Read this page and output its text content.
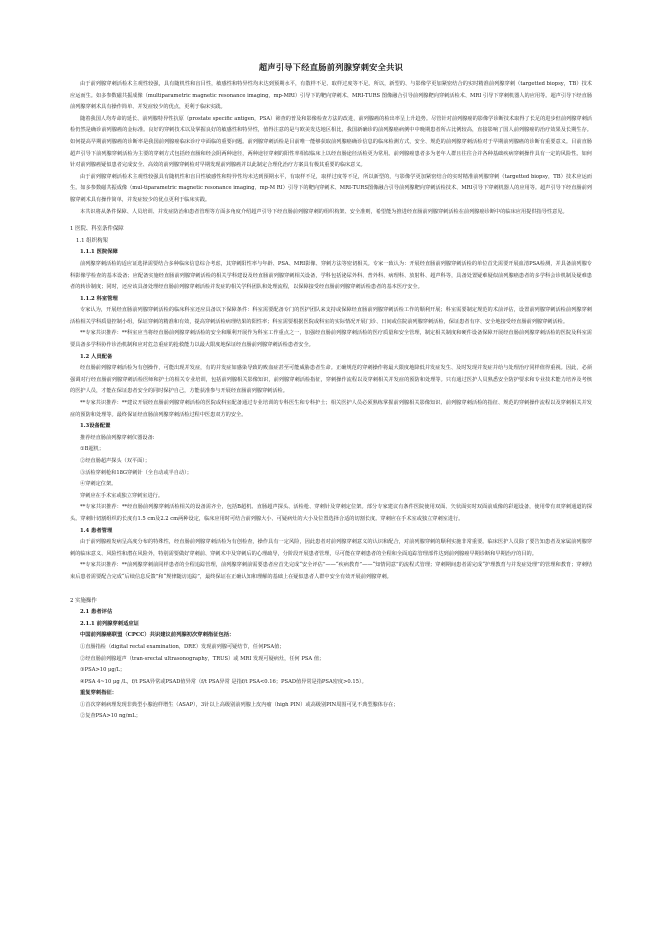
超声引导下经直肠前列腺穿刺安全共识

由于前列腺穿刺活检术主观性较强，具有随机性和盲目性，敏感性和特异性均未达到预期水平，有散样不足、取样过度等不足。所以，新型的、与影像学更加紧密结合的实时精准前列腺穿刺（targetted biopsy，TB）技术应运而生。如多参数磁共振成像（multiparametric magnetic resonance imaging，mp-MRI）引导下的靶向穿刺术、MRI-TURS 图像融合引导前列腺靶向穿刺活检术、MRI 引导下穿刺机器人的应用等。超声引导下经直肠前列腺穿刺术具有操作简单、并发症较少的优点，更利于临床实践。

随着我国人均寿命的延长、前列腺特异性抗原（prostate specific antigen，PSA）筛查的普及和影像检查方法的改进，前列腺癌的检出率呈上升趋势。尽管针对前列腺癌的影像学诊断技术取得了长足的进步但前列腺穿刺活检仍然是确诊前列腺癌的金标准。良好的穿刺技术以及掌握良好的敏感性和特异性，值得注意的是与欧美发达地区相比，我国新确诊的前列腺癌病例中中晚期患者所占比例较高，直接影响了国人前列腺癌的治疗效果及长期生存。如何提高早期前列腺癌的诊断率是我国前列腺癌临床诊疗中面临的重要问题。前列腺穿刺活检是目前唯一能够获取前列腺癌确诊信息的临床检测方式，安全、规范的前列腺穿刺活检对于早期前列腺癌的诊断有重要意义。目前直肠超声引导下前列腺穿刺活检为主要的穿刺方式包括经直肠和经会阴两种途径，两种途径穿刺的阳性率相似临床上以经直肠途径活检更为常用。前列腺癌患者多为老年人群且往往合并各种基础疾病穿刺操作具有一定的风险性。如何针对前列腺癌疑似患者完成安全、高效的前列腺穿刺检对早期发现前列腺癌并以此制定合理化治疗方案具有极其重要的临床意义。

由于前列腺穿刺活检术主观性较强具有随机性和盲目性敏感性和特异性均未达到预期水平，有取样不足，取样过度等不足，所以新型的，与影像学更加紧密结合的实时精准前列腺穿刺（targetted biopsy，TB）技术应运而生。如多参数磁共振成像（mul-tiparametric magnetic resonance imaging，mp-M RI）引导下的靶向穿刺术、MRI-TURS图像融合引导前列腺靶向穿刺活检技术、MRI引导下穿刺机器人的应用等。超声引导下经直肠前列腺穿刺术具有操作简单，并发症较少的优点更利于临床实践。

本共识将从条件保障、人员培训、并发症防治和患者管理等方面多角度介绍超声引导下经直肠前列腺穿刺的组织构架、安全准则，希望能为推进经直肠前列腺穿刺活检在前列腺癌诊断中的临床应用提供指导性意见。

1 医院、科室条件保障

1.1 组织构架

1.1.1 医院保障

前列腺穿刺活检的适应证选择需要结合多种临床信息综合考虑，其穿刺阳性率与年龄、PSA、MRI影像、穿刺方法等密切相关。专家一致认为：开展经直肠前列腺穿刺活检的单位首先需要开展血清PSA检测，并具备前列腺专科影像学检查的基本设备；应配备实施经直肠前列腺穿刺活检的相关学科建设及经直肠前列腺穿刺相关设备，学科包括泌尿外科、普外科、病理科、放射科、超声科等，具备处置疑难疑似前列腺癌患者的多学科会诊机制及疑难患者的转诊制度；同时，还应该具备处理经直肠前列腺穿刺活检并发症的相关学科团队和处理流程，以保障接受经直肠前列腺穿刺活检患者的基本医疗安全。

1.1.2 科室管理

专家认为，开展经直肠前列腺穿刺活检的临床科室还应具备以下保障条件：科室需要配备专门的医护团队来支持或保障经直肠前列腺穿刺活检工作的顺利开展；科室需要制定规范的术前评估，设置前列腺穿刺活检前列腺穿刺活检相关学科质量控制小组，保证穿刺的精准和有效，提高穿刺活检病理结果的阳性率；科室需要根据医院或科室的实际情况开展门诊、日间或住院前列腺穿刺活检，保证患者有序、安全地接受经直肠前列腺穿刺活检。

**专家共识推荐：**科室应当将经直肠前列腺穿刺活检的安全和顺利开展作为科室工作重点之一，加强经直肠前列腺穿刺活检的医疗质量和安全管理，制定相关制度和硬件设备保障开展经直肠前列腺穿刺活检的医院及科室需要具备多学科协作诊治机制和应对危急重症的抢救能力以最大限度地保证经直肠前列腺穿刺活检患者安全。

1.2 人员配备

经直肠前列腺穿刺活检为有创操作，可能出现并发症，有的并发症如感染导致的败血症甚至可能威胁患者生命。正确规范的穿刺操作将最大限度地降低并发症发生、及时发现并发症并给与处理治疗同样值得重视。因此，必须强调对行经直肠前列腺穿刺活检医师和护士的相关专业培训，包括前列腺相关影像知识，前列腺穿刺活检指征，穿刺操作流程以及穿刺相关并发症的预防和处理等。只有通过医护人员熟悉安全防护要求和专业技术能力培养及考核的医护人员，才能在保证患者安全的同时保护自己，方能获准参与开展经直肠前列腺穿刺活检。

**专家共识推荐：**建议开展经直肠前列腺穿刺活检的医院或科室配备通过专业培训的专科医生和专科护士；相关医护人员必须熟练掌握前列腺相关影像知识、前列腺穿刺活检的指征、规范的穿刺操作流程以及穿刺相关并发症的预防和处理等。最终保证经直肠前列腺穿刺活检过程中医患双方的安全。

1.3设备配置

推荐经直肠前列腺穿刺仪器设备:

①B超机；

②经直肠超声探头（双平面）；

③活检穿刺枪和18G穿刺针（全自动或半自动）；

④穿刺定位架。

穿刺应在手术室或独立穿刺室进行。

**专家共识推荐：**经直肠前列腺穿刺活检相关的设备需齐全，包括B超机、直肠超声探头、活检枪、穿刺针及穿刺定位架。部分专家建议有条件医院使用双面、矢状面实时双面前成像的彩超设备，使用带有双穿刺通道的探头。穿刺针切割组织的长度有1.5 cm及2.2 cm两种设定，临床应用时可结合前列腺大小、可疑病灶的大小及位置选择合适的切割长度。穿刺应在手术室或独立穿刺室进行。

1.4 患者管理

由于前列腺癌发病呈高度分布的特殊性，经直肠前列腺穿刺活检为有创检查，操作具有一定风险，因此患者对前列腺穿刺意义的认识和配合，对前列腺穿刺的顺利实施非常重要。临床医护人员除了要告知患者及家属前列腺穿刺的临床意义、风险性和潜在风险外，特别需要做好穿刺前、穿刺术中及穿刺后的心理疏导，分阶段开展患者管理，尽可能在穿刺患者的全程和全面追踪管理部件达到前列腺癌早期诊断和早期治疗的目的。

**专家共识推荐：**前列腺穿刺前同样患者的全程追踪管理，前列腺穿刺前需要患者应首先完成“安全评估”——“疾病教育”——“知情同意”的流程式管理；穿刺期间患者需完成“护理教育与并发症处理”的管理和教育；穿刺结束后患者需要配合完成“后续信息反馈”和“规律随访追踪”，最终保证在正确认知和理解的基础上在疑似患者人群中安全有效开展前列腺穿刺。

2 实施操作

2.1 患者评估

2.1.1 前列腺穿刺适应证

中国前列腺癌联盟（CPCC）共识建议前列腺初次穿刺指征包括：

①直肠指检（digital rectal examination，DRE）发现前列腺可疑结节，任何PSA值；

②经直肠前列腺超声（tran-srectal ultrasonography，TRUS）或 MRI 发现可疑病灶，任何 PSA 值；

③PSA>10 μg/L；

④PSA 4~10 μg /L，f/t PSA异常或PSAD值异常（f/t PSA异常 是指f/t PSA<0.16；PSAD值异常是指PSA密度>0.15）。

重复穿刺指征：

①首次穿刺病理发现非典型小腺泡样增生（ASAP），3针以上高级别前列腺上皮内瘤（high PIN）或高级别PIN周围可见不典型腺体存在；

②复查PSA>10 ng/mL；
